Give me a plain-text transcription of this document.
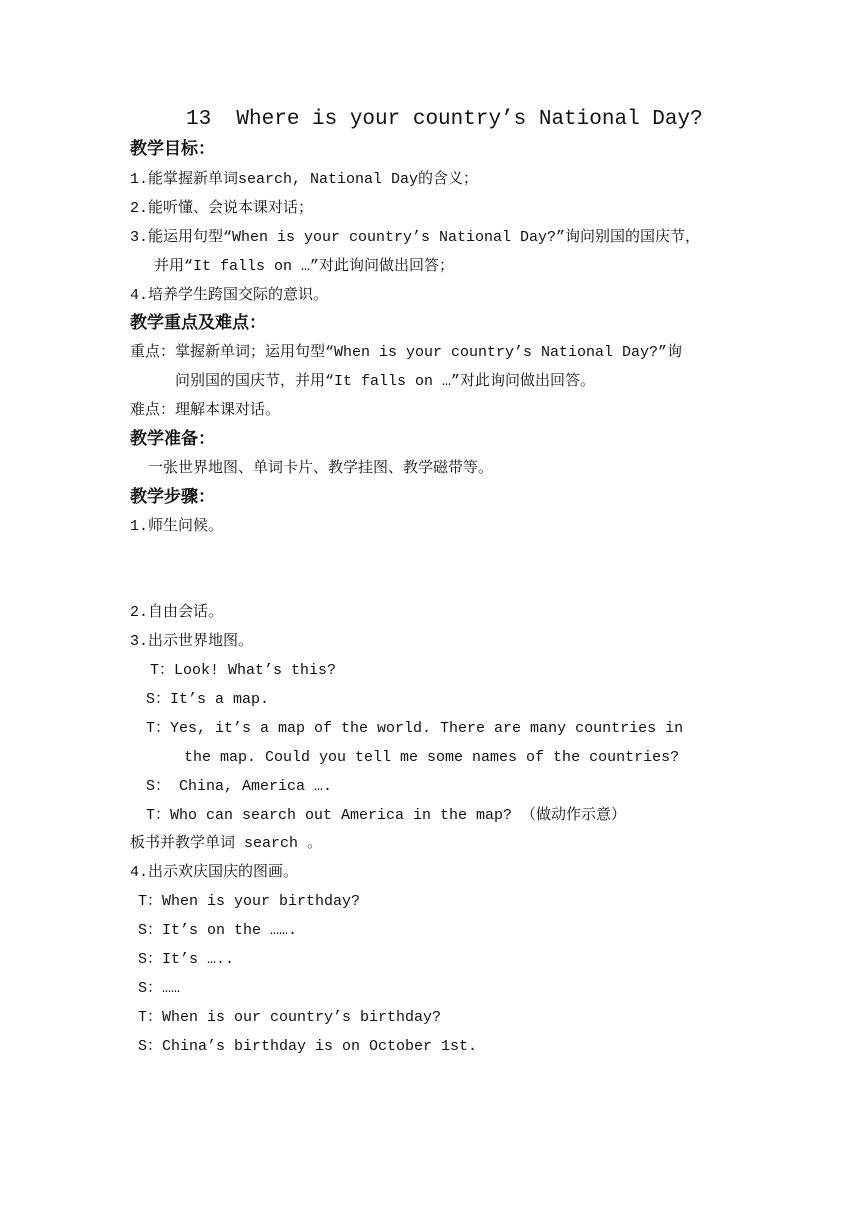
13  Where is your country’s National Day?
教学目标：
1.能掌握新单词search, National Day的含义；
2.能听懂、会说本课对话；
3.能运用句型“When is your country’s National Day?”询问别国的国庆节，
并用“It falls on …”对此询问做出回答；
4.培养学生跨国交际的意识。
教学重点及难点：
重点：掌握新单词；运用句型“When is your country’s National Day?”询
问别国的国庆节，并用“It falls on …”对此询问做出回答。
难点：理解本课对话。
教学准备：
一张世界地图、单词卡片、教学挂图、教学磁带等。
教学步骤：
1.师生问候。
2.自由会话。
3.出示世界地图。
T：Look! What’s this?
S：It’s a map.
T：Yes, it’s a map of the world. There are many countries in
the map. Could you tell me some names of the countries?
S： China, America ….
T：Who can search out America in the map? （做动作示意）
板书并教学单词 search 。
4.出示欢庆国庆的图画。
T：When is your birthday?
S：It’s on the …….
S：It’s …..
S：……
T：When is our country’s birthday?
S：China’s birthday is on October 1st.
